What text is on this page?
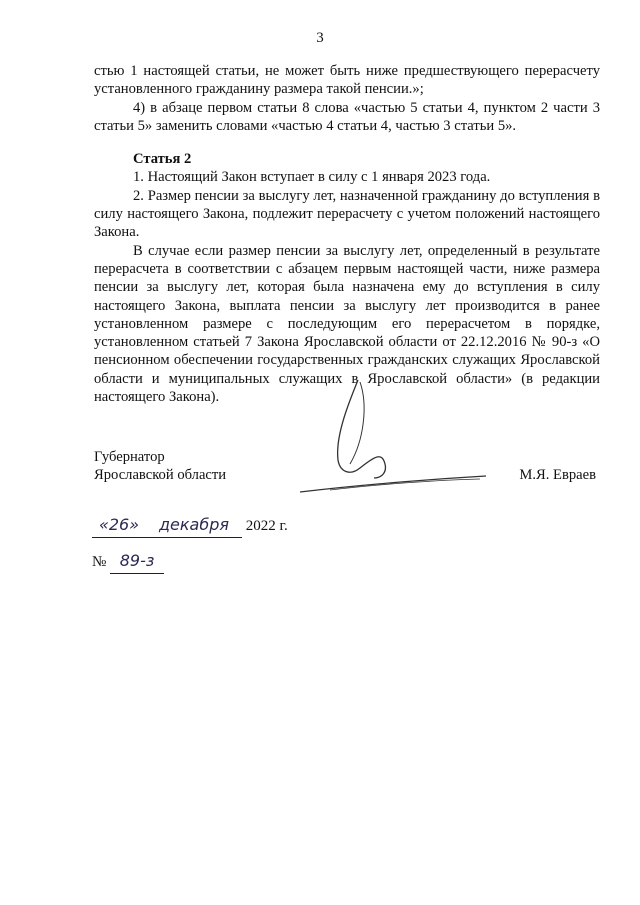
3

стью 1 настоящей статьи, не может быть ниже предшествующего перерасчету установленного гражданину размера такой пенсии.»;

4) в абзаце первом статьи 8 слова «частью 5 статьи 4, пунктом 2 части 3 статьи 5» заменить словами «частью 4 статьи 4, частью 3 статьи 5».

Статья 2

1. Настоящий Закон вступает в силу с 1 января 2023 года.

2. Размер пенсии за выслугу лет, назначенной гражданину до вступления в силу настоящего Закона, подлежит перерасчету с учетом положений настоящего Закона.

В случае если размер пенсии за выслугу лет, определенный в результате перерасчета в соответствии с абзацем первым настоящей части, ниже размера пенсии за выслугу лет, которая была назначена ему до вступления в силу настоящего Закона, выплата пенсии за выслугу лет производится в ранее установленном размере с последующим его перерасчетом в порядке, установленном статьей 7 Закона Ярославской области от 22.12.2016 № 90-з «О пенсионном обеспечении государственных гражданских служащих Ярославской области и муниципальных служащих в Ярославской области» (в редакции настоящего Закона).

Губернатор
Ярославской области	М.Я. Евраев
«26» декабря 2022 г.
№ 89-з
